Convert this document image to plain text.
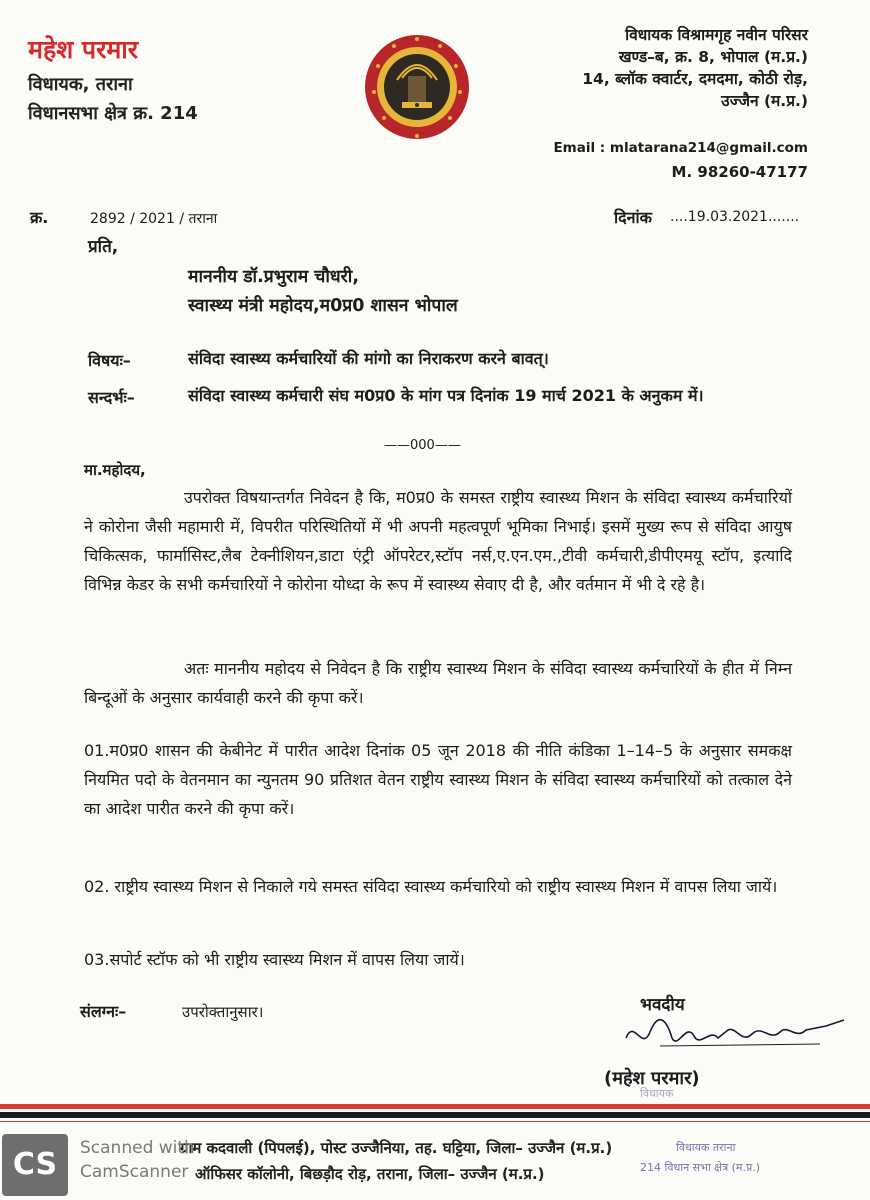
महेश परमार
विधायक, तराना
विधानसभा क्षेत्र क्र. 214
विधायक विश्रामगृह नवीन परिसर
खण्ड–ब, क्र. 8, भोपाल (म.प्र.)
14, ब्लॉक क्वार्टर, दमदमा, कोठी रोड़,
उज्जैन (म.प्र.)
Email : mlatarana214@gmail.com
M. 98260-47177
क्र.	2892 / 2021 / तराना	दिनांक ....19.03.2021.......
प्रति,
माननीय डॉ.प्रभुराम चौधरी,
स्वास्थ्य मंत्री महोदय,म0प्र0 शासन भोपाल
विषयः–	संविदा स्वास्थ्य कर्मचारियों की मांगो का निराकरण करने बावत्।
सन्दर्भः–	संविदा स्वास्थ्य कर्मचारी संघ म0प्र0 के मांग पत्र दिनांक 19 मार्च 2021 के अनुकम में।
——000——
मा.महोदय,
उपरोक्त विषयान्तर्गत निवेदन है कि, म0प्र0 के समस्त राष्ट्रीय स्वास्थ्य मिशन के संविदा स्वास्थ्य कर्मचारियों ने कोरोना जैसी महामारी में, विपरीत परिस्थितियों में भी अपनी महत्वपूर्ण भूमिका निभाई। इसमें मुख्य रूप से संविदा आयुष चिकित्सक, फार्मासिस्ट,लैब टेक्नीशियन,डाटा एंट्री ऑपरेटर,स्टॉप नर्स,ए.एन.एम.,टीवी कर्मचारी,डीपीएमयू स्टॉप, इत्यादि विभिन्न केडर के सभी कर्मचारियों ने कोरोना योध्दा के रूप में स्वास्थ्य सेवाए दी है, और वर्तमान में भी दे रहे है।
अतः माननीय महोदय से निवेदन है कि राष्ट्रीय स्वास्थ्य मिशन के संविदा स्वास्थ्य कर्मचारियों के हीत में निम्न बिन्दूओं के अनुसार कार्यवाही करने की कृपा करें।
01.म0प्र0 शासन की केबीनेट में पारीत आदेश दिनांक 05 जून 2018 की नीति कंडिका 1–14–5 के अनुसार समकक्ष नियमित पदो के वेतनमान का न्युनतम 90 प्रतिशत वेतन राष्ट्रीय स्वास्थ्य मिशन के संविदा स्वास्थ्य कर्मचारियों को तत्काल देने का आदेश पारीत करने की कृपा करें।
02. राष्ट्रीय स्वास्थ्य मिशन से निकाले गये समस्त संविदा स्वास्थ्य कर्मचारियो को राष्ट्रीय स्वास्थ्य मिशन में वापस लिया जायें।
03.सपोर्ट स्टॉफ को भी राष्ट्रीय स्वास्थ्य मिशन में वापस लिया जायें।
संलग्नः–	उपरोक्तानुसार।	भवदीय
(महेश परमार)
विधायक
ग्राम कदवाली (पिपलई), पोस्ट उज्जैनिया, तह. घट्टिया, जिला– उज्जैन (म.प्र.)
ऑफिसर कॉलोनी, बिछड़ौद रोड़, तराना, जिला– उज्जैन (म.प्र.)
विधायक तराना
214 विधान सभा क्षेत्र (म.प्र.)
CS	Scanned with
CamScanner
